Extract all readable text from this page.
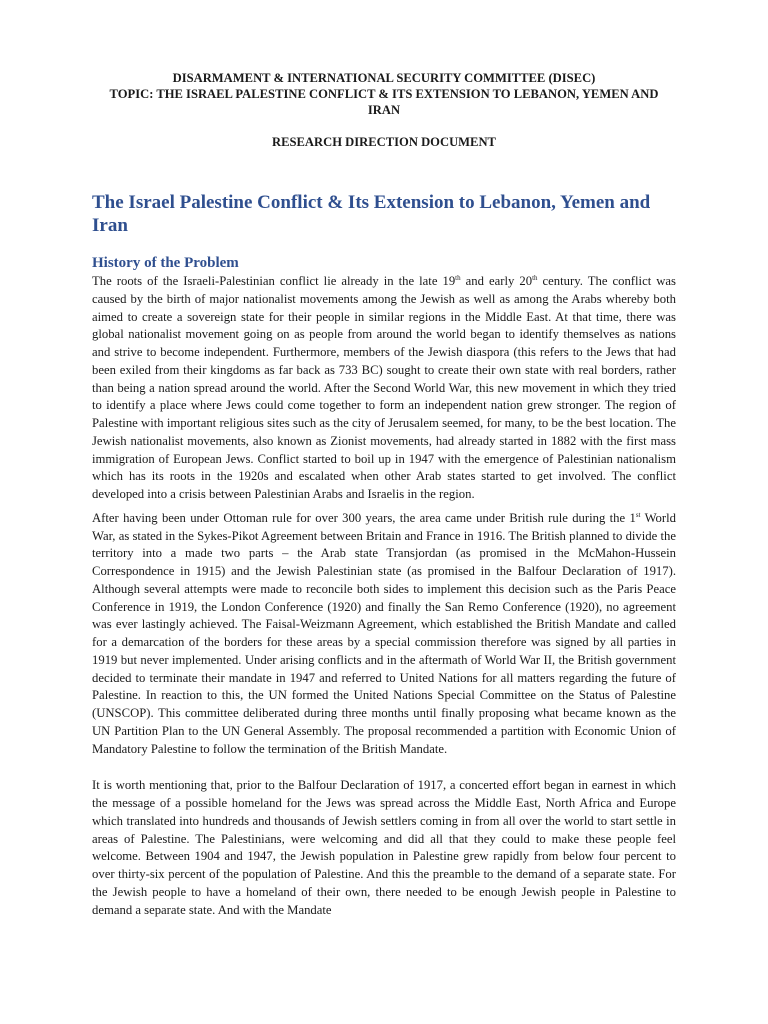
DISARMAMENT & INTERNATIONAL SECURITY COMMITTEE (DISEC)
TOPIC: THE ISRAEL PALESTINE CONFLICT & ITS EXTENSION TO LEBANON, YEMEN AND IRAN
RESEARCH DIRECTION DOCUMENT
The Israel Palestine Conflict & Its Extension to Lebanon, Yemen and Iran
History of the Problem

The roots of the Israeli-Palestinian conflict lie already in the late 19th and early 20th century. The conflict was caused by the birth of major nationalist movements among the Jewish as well as among the Arabs whereby both aimed to create a sovereign state for their people in similar regions in the Middle East. At that time, there was global nationalist movement going on as people from around the world began to identify themselves as nations and strive to become independent. Furthermore, members of the Jewish diaspora (this refers to the Jews that had been exiled from their kingdoms as far back as 733 BC) sought to create their own state with real borders, rather than being a nation spread around the world. After the Second World War, this new movement in which they tried to identify a place where Jews could come together to form an independent nation grew stronger. The region of Palestine with important religious sites such as the city of Jerusalem seemed, for many, to be the best location. The Jewish nationalist movements, also known as Zionist movements, had already started in 1882 with the first mass immigration of European Jews. Conflict started to boil up in 1947 with the emergence of Palestinian nationalism which has its roots in the 1920s and escalated when other Arab states started to get involved. The conflict developed into a crisis between Palestinian Arabs and Israelis in the region.

After having been under Ottoman rule for over 300 years, the area came under British rule during the 1st World War, as stated in the Sykes-Pikot Agreement between Britain and France in 1916. The British planned to divide the territory into a made two parts – the Arab state Transjordan (as promised in the McMahon-Hussein Correspondence in 1915) and the Jewish Palestinian state (as promised in the Balfour Declaration of 1917). Although several attempts were made to reconcile both sides to implement this decision such as the Paris Peace Conference in 1919, the London Conference (1920) and finally the San Remo Conference (1920), no agreement was ever lastingly achieved. The Faisal-Weizmann Agreement, which established the British Mandate and called for a demarcation of the borders for these areas by a special commission therefore was signed by all parties in 1919 but never implemented. Under arising conflicts and in the aftermath of World War II, the British government decided to terminate their mandate in 1947 and referred to United Nations for all matters regarding the future of Palestine. In reaction to this, the UN formed the United Nations Special Committee on the Status of Palestine (UNSCOP). This committee deliberated during three months until finally proposing what became known as the UN Partition Plan to the UN General Assembly. The proposal recommended a partition with Economic Union of Mandatory Palestine to follow the termination of the British Mandate.

It is worth mentioning that, prior to the Balfour Declaration of 1917, a concerted effort began in earnest in which the message of a possible homeland for the Jews was spread across the Middle East, North Africa and Europe which translated into hundreds and thousands of Jewish settlers coming in from all over the world to start settle in areas of Palestine. The Palestinians, were welcoming and did all that they could to make these people feel welcome. Between 1904 and 1947, the Jewish population in Palestine grew rapidly from below four percent to over thirty-six percent of the population of Palestine. And this the preamble to the demand of a separate state. For the Jewish people to have a homeland of their own, there needed to be enough Jewish people in Palestine to demand a separate state. And with the Mandate
